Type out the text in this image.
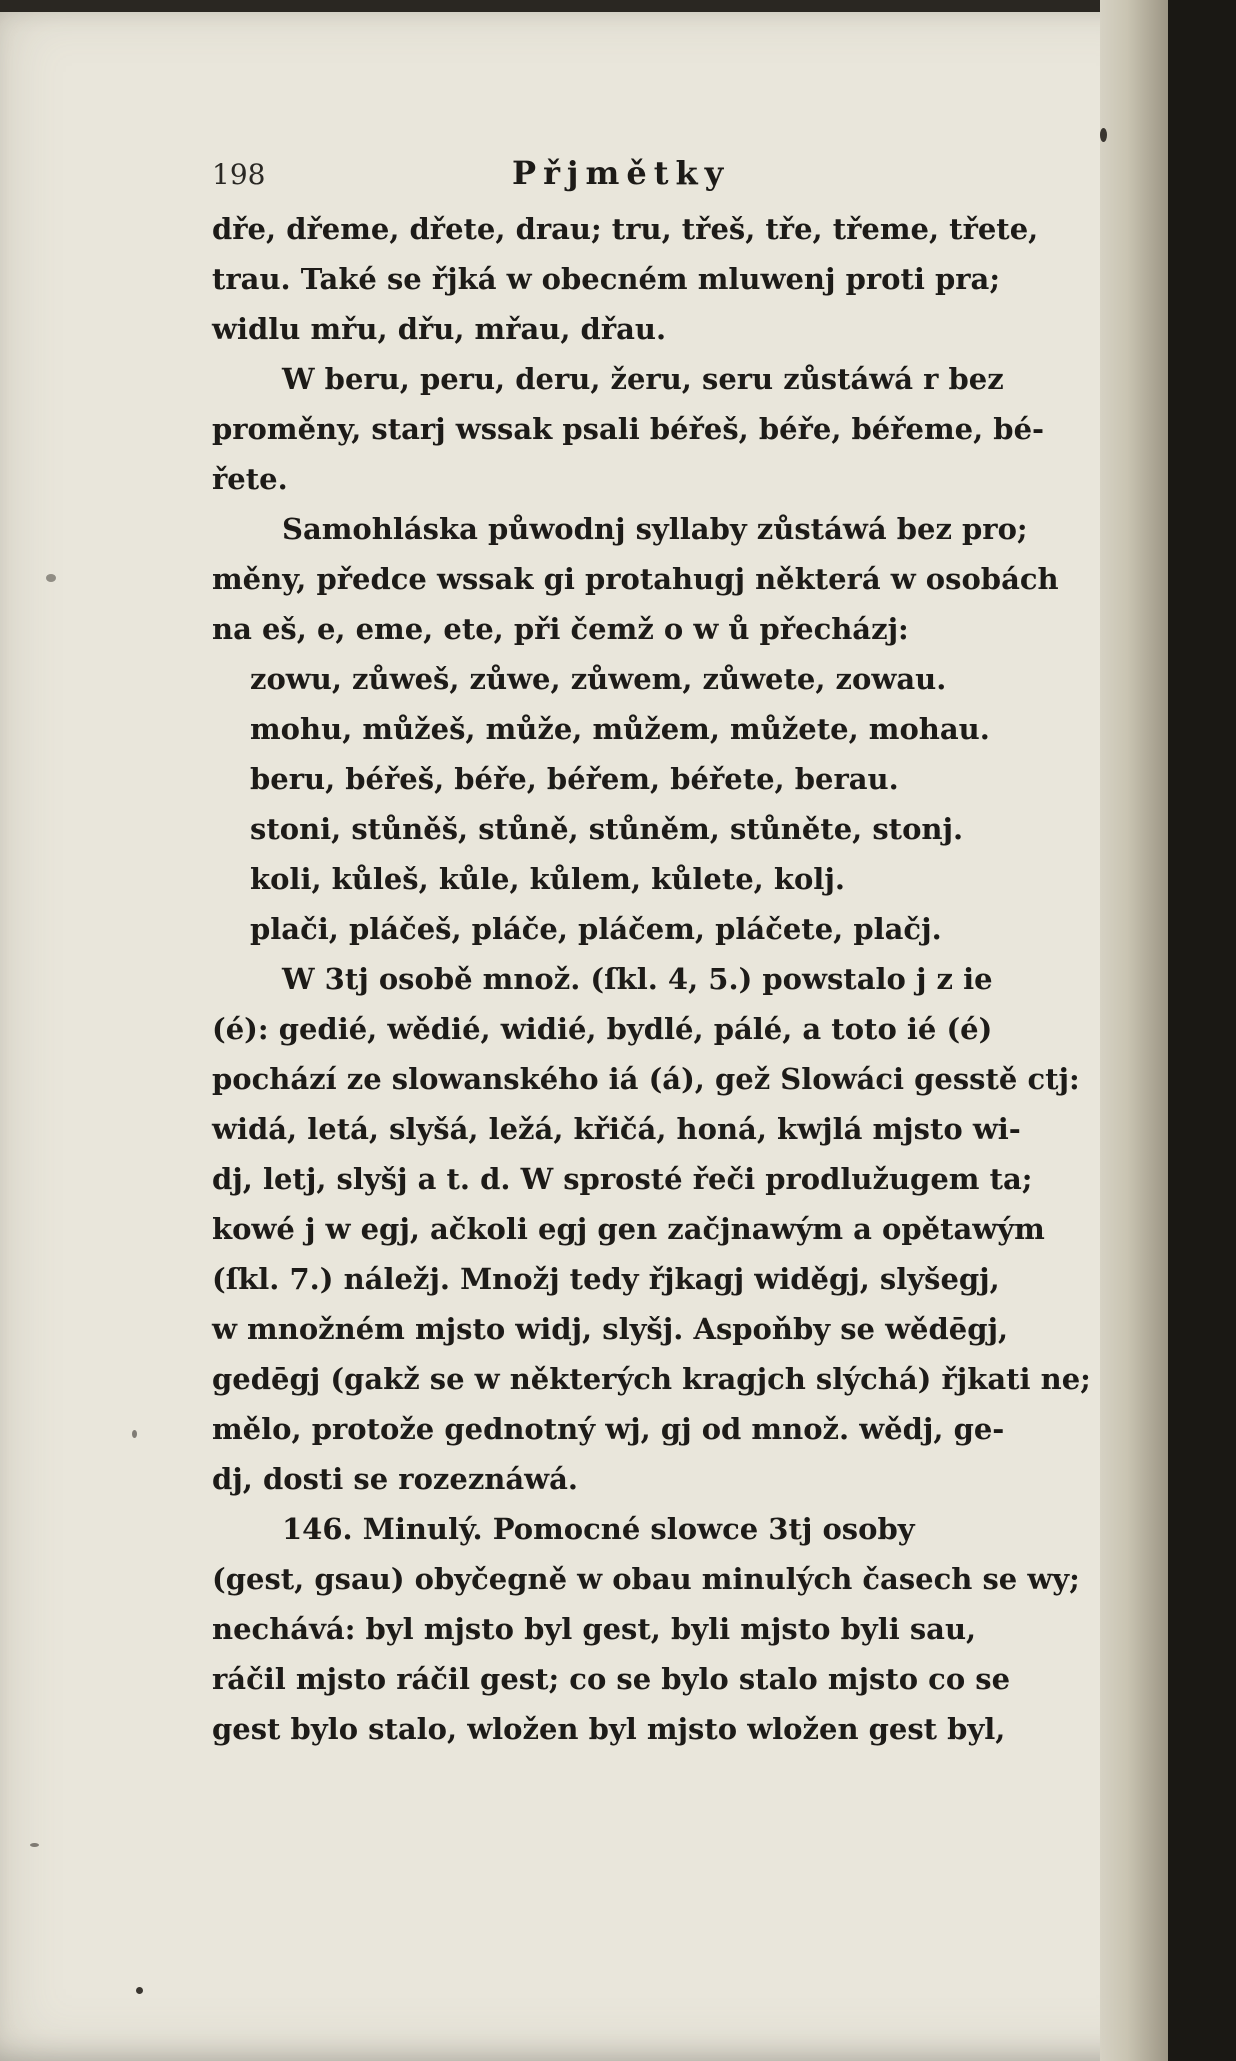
198	Přjmětky

dře, dřeme, dřete, drau; tru, třeš, tře, třeme, třete,
trau. Také se řjká w obecném mluwenj proti pra;
widlu mřu, dřu, mřau, dřau.

W beru, peru, deru, žeru, seru zůstáwá r bez
proměny, starj wssak psali béřeš, béře, béřeme, bé-
řete.

Samohláska půwodnj syllaby zůstáwá bez pro;
měny, předce wssak gi protahugj některá w osobách
na eš, e, eme, ete, při čemž o w ů přecházj:

zowu, zůweš, zůwe, zůwem, zůwete, zowau.
mohu, můžeš, může, můžem, můžete, mohau.
beru, béřeš, béře, béřem, béřete, berau.
stoni, stůněš, stůně, stůněm, stůněte, stonj.
koli, kůleš, kůle, kůlem, kůlete, kolj.
plači, pláčeš, pláče, pláčem, pláčete, plačj.

W 3tj osobě množ. (ſkl. 4, 5.) powstalo j z ie
(é): gedié, wědié, widié, bydlé, pálé, a toto ié (é)
pochází ze slowanského iá (á), gež Slowáci gesstě ctj:
widá, letá, slyšá, ležá, křičá, honá, kwjlá mjsto wi-
dj, letj, slyšj a t. d. W sprosté řeči prodlužugem ta;
kowé j w egj, ačkoli egj gen začjnawým a opětawým
(ſkl. 7.) náležj. Množj tedy řjkagj widěgj, slyšegj,
w množném mjsto widj, slyšj. Aspoňby se wědēgj,
gedēgj (gakž se w některých kragjch slýchá) řjkati ne;
mělo, protože gednotný wj, gj od množ. wědj, ge-
dj, dosti se rozeznáwá.

146. Minulý. Pomocné slowce 3tj osoby
(gest, gsau) obyčegně w obau minulých časech se wy;
nechává: byl mjsto byl gest, byli mjsto byli sau,
ráčil mjsto ráčil gest; co se bylo stalo mjsto co se
gest bylo stalo, wložen byl mjsto wložen gest byl,
